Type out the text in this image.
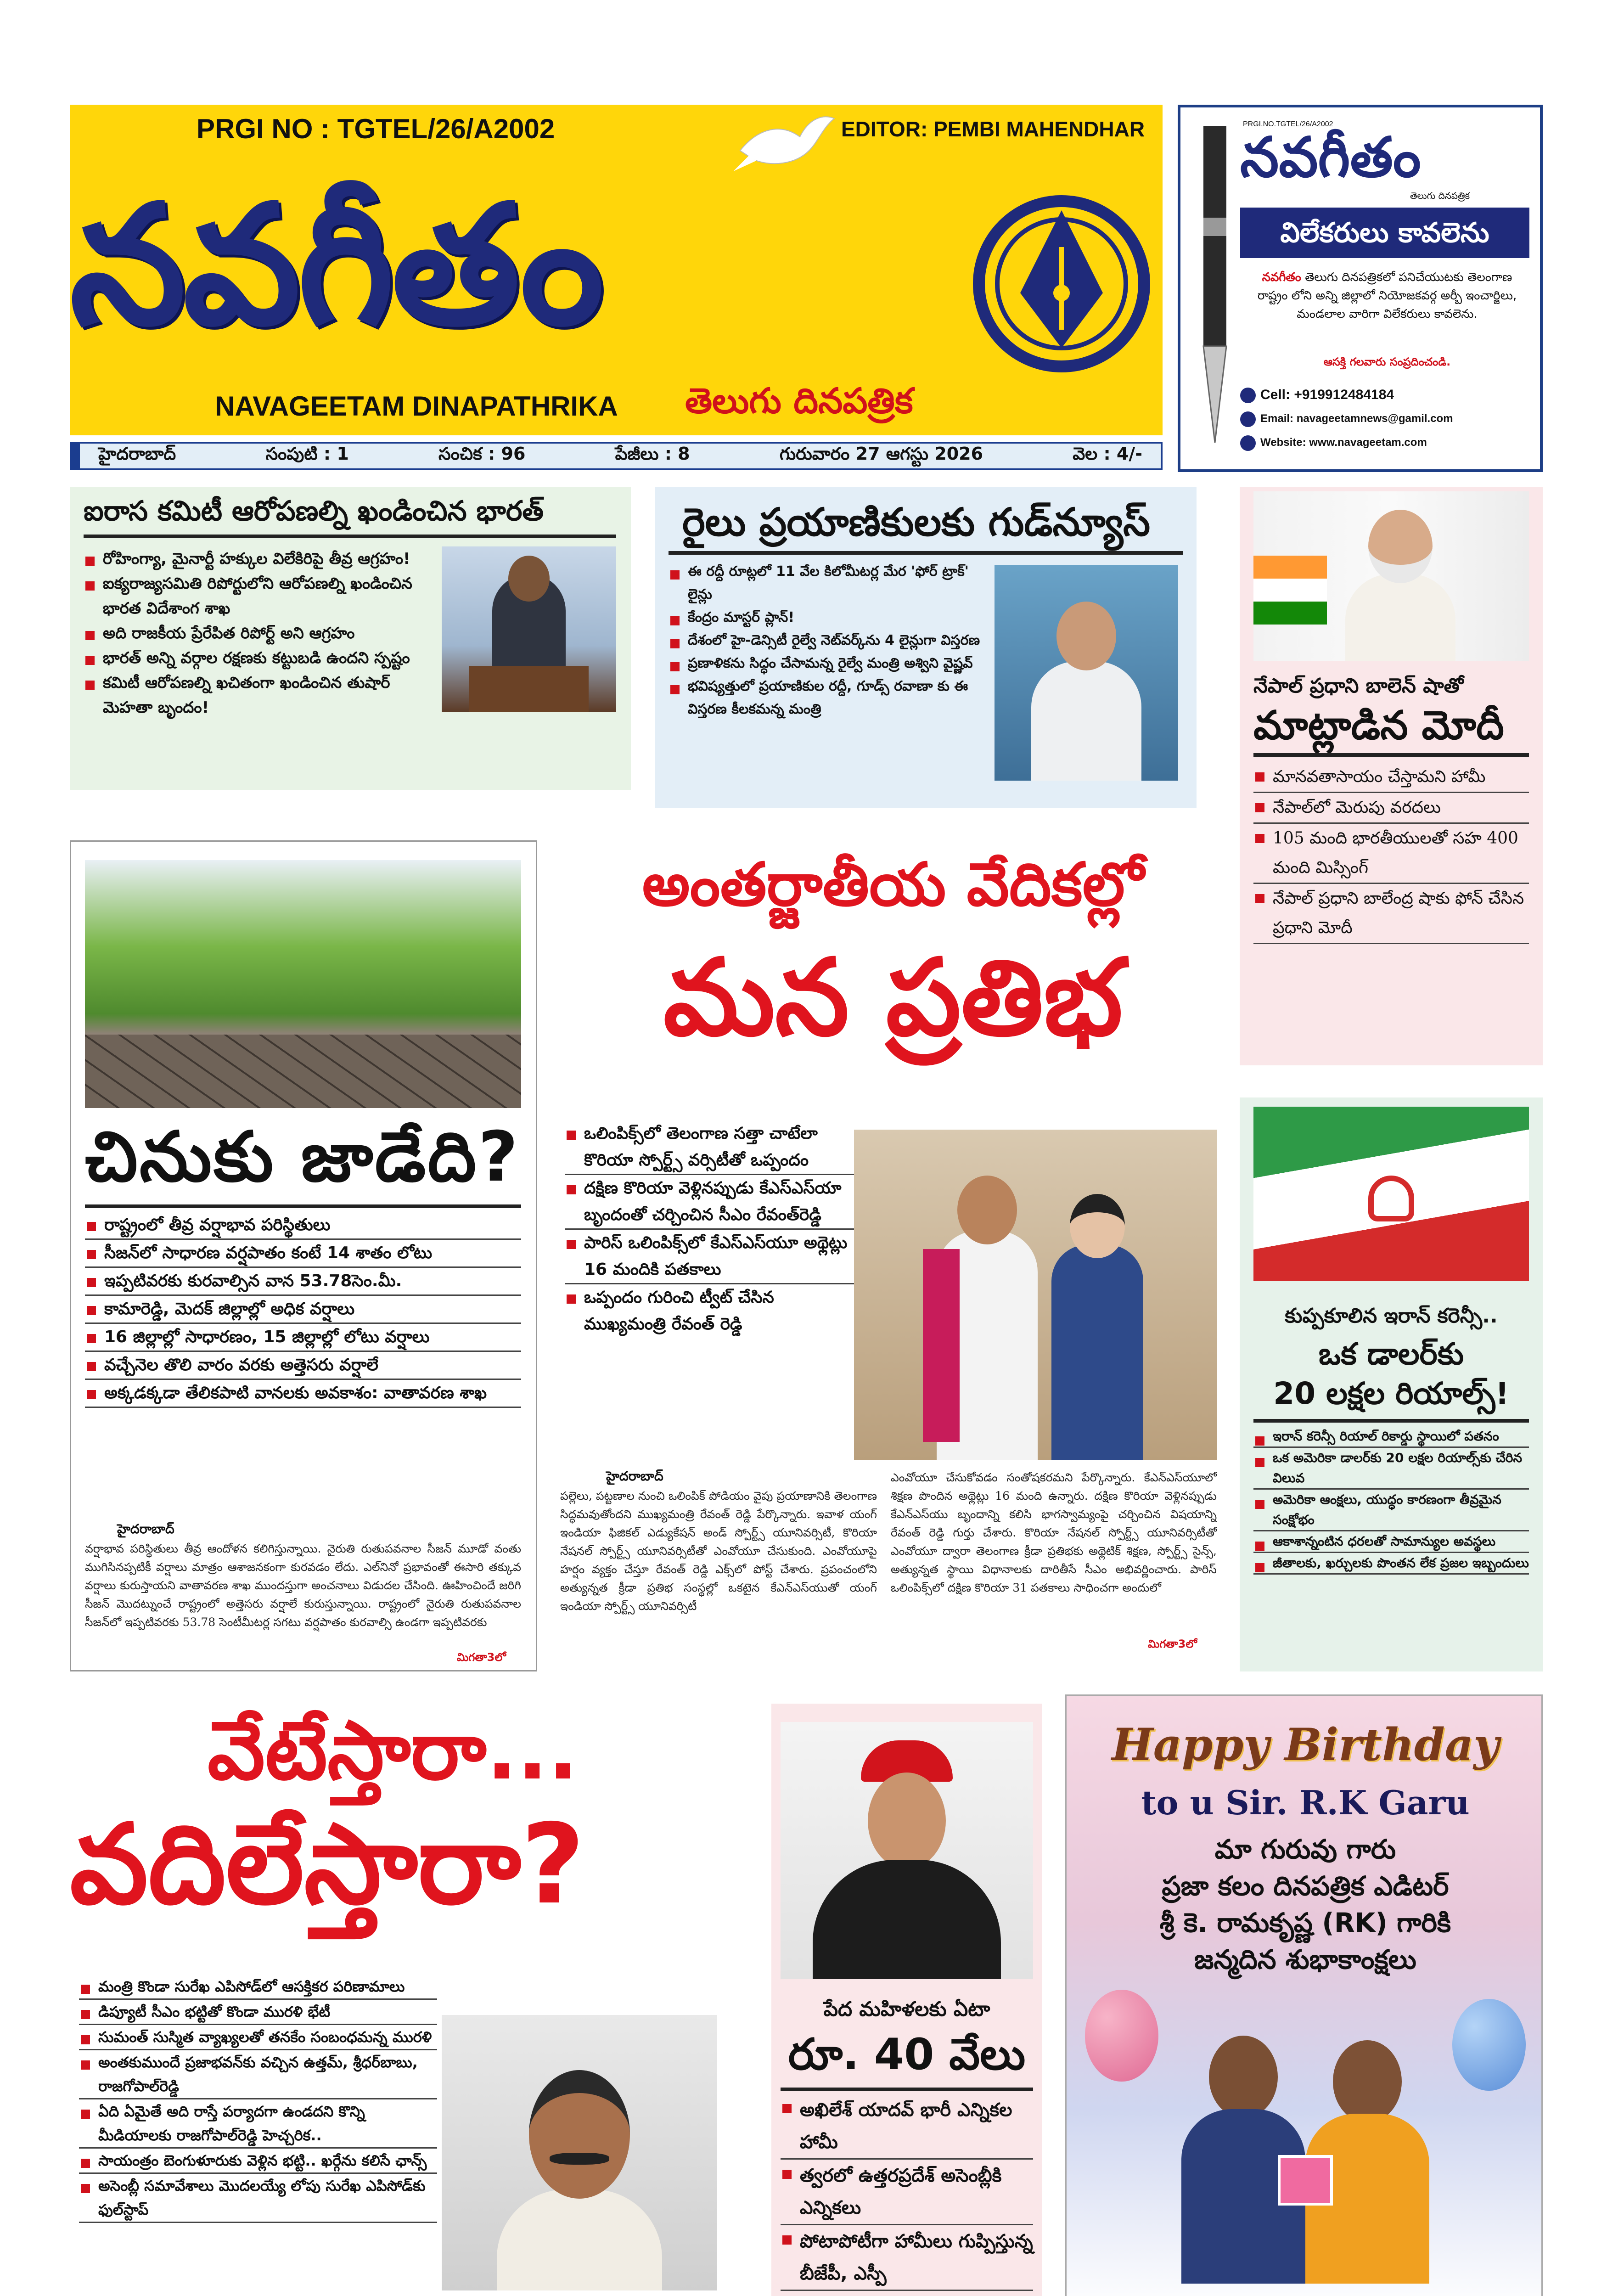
PRGI NO : TGTEL/26/A2002	EDITOR: PEMBI MAHENDHAR
నవగీతం
NAVAGEETAM DINAPATHRIKA తెలుగు దినపత్రిక
హైదరాబాద్	సంపుటి : 1	సంచిక : 96	పేజీలు : 8	గురువారం 27 ఆగస్టు 2026	వెల : 4/-
PRGI.NO.TGTEL/26/A2002
నవగీతం
తెలుగు దినపత్రిక
విలేకరులు కావలెను
నవగీతం తెలుగు దినపత్రికలో పనిచేయుటకు తెలంగాణ రాష్ట్రం లోని అన్ని జిల్లాలో నియోజకవర్గ అర్బీ ఇంచార్జిలు, మండలాల వారిగా విలేకరులు కావలెను.
ఆసక్తి గలవారు సంప్రదించండి.
Cell: +919912484184
Email: navageetamnews@gamil.com
Website: www.navageetam.com
ఐరాస కమిటీ ఆరోపణల్ని ఖండించిన భారత్
రోహింగ్యా, మైనార్టీ హక్కుల విలేకిరిపై తీవ్ర ఆగ్రహం!
ఐక్యరాజ్యసమితి రిపోర్టులోని ఆరోపణల్ని ఖండించిన భారత విదేశాంగ శాఖ
అది రాజకీయ ప్రేరేపిత రిపోర్ట్ అని ఆగ్రహం
భారత్ అన్ని వర్గాల రక్షణకు కట్టుబడి ఉందని స్పష్టం
కమిటీ ఆరోపణల్ని ఖచితంగా ఖండించిన తుషార్ మెహతా బృందం!
రైలు ప్రయాణికులకు గుడ్‌న్యూస్
ఈ రద్దీ రూట్లలో 11 వేల కిలోమీటర్ల మేర 'ఫోర్ ట్రాక్' లైన్లు
కేంద్రం మాస్టర్ ప్లాన్!
దేశంలో హై-డెన్సిటీ రైల్వే నెట్‌వర్క్‌ను 4 లైన్లుగా విస్తరణ
ప్రణాళికను సిద్ధం చేసామన్న రైల్వే మంత్రి అశ్విని వైష్ణవ్
భవిష్యత్తులో ప్రయాణికుల రద్దీ, గూడ్స్ రవాణా కు ఈ విస్తరణ కీలకమన్న మంత్రి
నేపాల్ ప్రధాని బాలెన్ షాతో
మాట్లాడిన మోదీ
మానవతాసాయం చేస్తామని హామీ
నేపాల్‌లో మెరుపు వరదలు
105 మంది భారతీయులతో సహ 400 మంది మిస్సింగ్
నేపాల్ ప్రధాని బాలేంద్ర షాకు ఫోన్ చేసిన ప్రధాని మోదీ
చినుకు జాడేది?
రాష్ట్రంలో తీవ్ర వర్షాభావ పరిస్థితులు
సీజన్‌లో సాధారణ వర్షపాతం కంటే 14 శాతం లోటు
ఇప్పటివరకు కురవాల్సిన వాన 53.78సెం.మీ.
కామారెడ్డి, మెదక్ జిల్లాల్లో అధిక వర్షాలు
16 జిల్లాల్లో సాధారణం, 15 జిల్లాల్లో లోటు వర్షాలు
వచ్చేనెల తొలి వారం వరకు అత్తెసరు వర్షాలే
అక్కడక్కడా తేలికపాటి వానలకు అవకాశం: వాతావరణ శాఖ
హైదరాబాద్
వర్షాభావ పరిస్థితులు తీవ్ర ఆందోళన కలిగిస్తున్నాయి. నైరుతి రుతుపవనాల సీజన్ మూడో వంతు ముగిసినప్పటికీ వర్షాలు మాత్రం ఆశాజనకంగా కురవడం లేదు. ఎల్‌నినో ప్రభావంతో ఈసారి తక్కువ వర్షాలు కురుస్తాయని వాతావరణ శాఖ ముందస్తుగా అంచనాలు విడుదల చేసింది. ఊహించిందే జరిగి సీజన్ మొదట్నుంచే రాష్ట్రంలో అత్తెసరు వర్షాలే కురుస్తున్నాయి. రాష్ట్రంలో నైరుతి రుతుపవనాల సీజన్‌లో ఇప్పటివరకు 53.78 సెంటీమీటర్ల సగటు వర్షపాతం కురవాల్సి ఉండగా ఇప్పటివరకు
మిగతా3లో
అంతర్జాతీయ వేదికల్లో
మన ప్రతిభ
ఒలింపిక్స్‌లో తెలంగాణ సత్తా చాటేలా కొరియా స్పోర్ట్స్ వర్సిటీతో ఒప్పందం
దక్షిణ కొరియా వెళ్లినప్పుడు కేఎస్‌ఎస్‌యా బృందంతో చర్చించిన సీఎం రేవంత్‌రెడ్డి
పారిస్ ఒలింపిక్స్‌లో కేఎస్‌ఎస్‌యూ అథ్లెట్లు 16 మందికి పతకాలు
ఒప్పందం గురించి ట్వీట్ చేసిన ముఖ్యమంత్రి రేవంత్ రెడ్డి
హైదరాబాద్
పల్లెలు, పట్టణాల నుంచి ఒలింపిక్ పోడియం వైపు ప్రయాణానికి తెలంగాణ సిద్ధమవుతోందని ముఖ్యమంత్రి రేవంత్ రెడ్డి పేర్కొన్నారు. ఇవాళ యంగ్ ఇండియా ఫిజికల్ ఎడ్యుకేషన్ అండ్ స్పోర్ట్స్ యూనివర్సిటీ, కొరియా నేషనల్ స్పోర్ట్స్ యూనివర్సిటీతో ఎంవోయూ చేసుకుంది. ఎంవోయూపై హర్షం వ్యక్తం చేస్తూ రేవంత్ రెడ్డి ఎక్స్‌లో పోస్ట్ చేశారు. ప్రపంచంలోని అత్యున్నత క్రీడా ప్రతిభ సంస్థల్లో ఒకటైన కేఎన్‌ఎస్‌యుతో యంగ్ ఇండియా స్పోర్ట్స్ యూనివర్సిటీ
ఎంవోయూ చేసుకోవడం సంతోషకరమని పేర్కొన్నారు. కేఎన్‌ఎస్‌యూలో శిక్షణ పొందిన అథ్లెట్లు 16 మంది ఉన్నారు. దక్షిణ కొరియా వెళ్లినప్పుడు కేఎన్‌ఎస్‌యు బృందాన్ని కలిసి భాగస్వామ్యంపై చర్చించిన విషయాన్ని రేవంత్ రెడ్డి గుర్తు చేశారు. కొరియా నేషనల్ స్పోర్ట్స్ యూనివర్సిటీతో ఎంవోయూ ద్వారా తెలంగాణ క్రీడా ప్రతిభకు అథ్లెటిక్ శిక్షణ, స్పోర్ట్స్ సైన్స్, అత్యున్నత స్థాయి విధానాలకు దారితీసే సీఎం అభివర్ణించారు. పారిస్ ఒలింపిక్స్‌లో దక్షిణ కొరియా 31 పతకాలు సాధించగా అందులో
మిగతా3లో
కుప్పకూలిన ఇరాన్ కరెన్సీ..
ఒక డాలర్‌కు
20 లక్షల రియాల్స్!
ఇరాన్ కరెన్సీ రియాల్ రికార్డు స్థాయిలో పతనం
ఒక అమెరికా డాలర్‌కు 20 లక్షల రియాల్స్‌కు చేరిన విలువ
అమెరికా ఆంక్షలు, యుద్ధం కారణంగా తీవ్రమైన సంక్షోభం
ఆకాశాన్నంటిన ధరలతో సామాన్యుల అవస్థలు
జీతాలకు, ఖర్చులకు పొంతన లేక ప్రజల ఇబ్బందులు
వేటేస్తారా...
వదిలేస్తారా?
మంత్రి కొండా సురేఖ ఎపిసోడ్‌లో ఆసక్తికర పరిణామాలు
డిప్యూటీ సీఎం భట్టితో కొండా మురళి భేటీ
సుమంత్ సుస్మిత వ్యాఖ్యలతో తనకేం సంబంధమన్న మురళి
అంతకుముందే ప్రజాభవన్‌కు వచ్చిన ఉత్తమ్, శ్రీధర్‌బాబు, రాజగోపాల్‌రెడ్డి
ఏది ఏమైతే అది రాస్తే పర్యాదగా ఉండదని కొన్ని మీడియాలకు రాజగోపాల్‌రెడ్డి హెచ్చరిక..
సాయంత్రం బెంగుళూరుకు వెళ్లిన భట్టి.. ఖర్గేను కలిసే ఛాన్స్
అసెంబ్లీ సమావేశాలు మొదలయ్యే లోపు సురేఖ ఎపిసోడ్‌కు ఫుల్‌స్టాప్
పేద మహిళలకు ఏటా
రూ. 40 వేలు
అఖిలేశ్ యాదవ్ భారీ ఎన్నికల హామీ
త్వరలో ఉత్తరప్రదేశ్ అసెంబ్లీకి ఎన్నికలు
పోటాపోటీగా హామీలు గుప్పిస్తున్న బీజేపీ, ఎస్పీ
Happy Birthday
to u Sir. R.K Garu
మా గురువు గారు
ప్రజా కలం దినపత్రిక ఎడిటర్
శ్రీ కె. రామకృష్ణ (RK) గారికి
జన్మదిన శుభాకాంక్షలు
